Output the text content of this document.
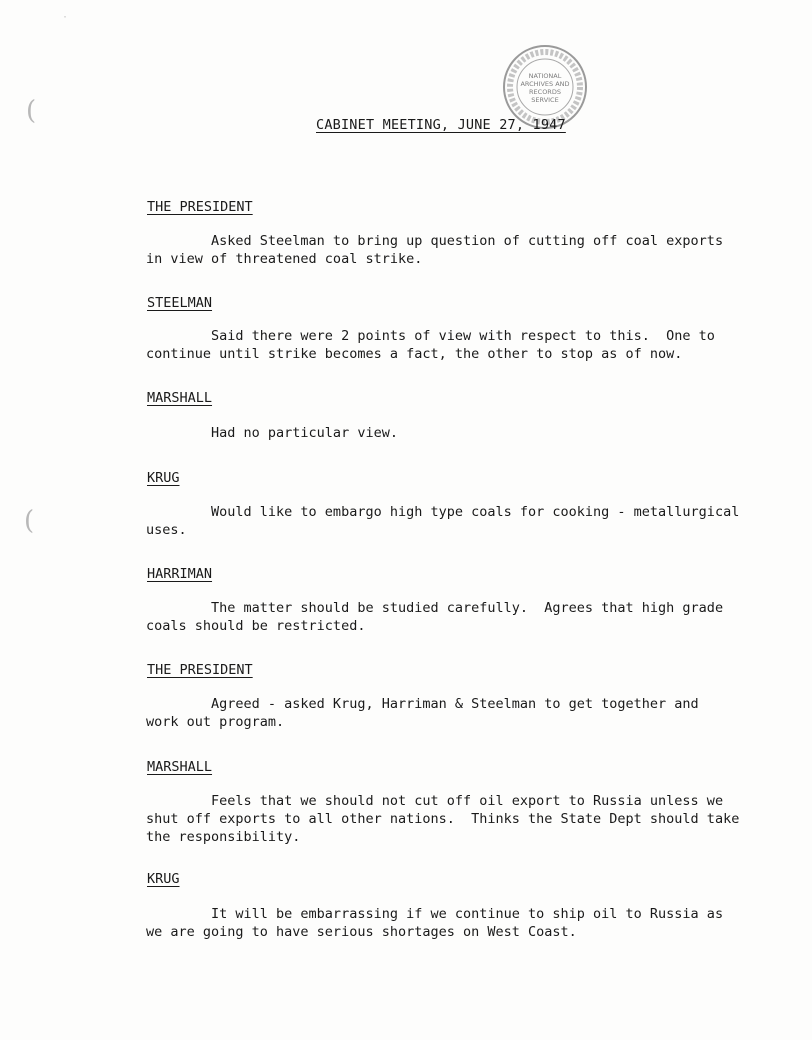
(
(
·
NATIONAL
ARCHIVES AND
RECORDS
SERVICE
CABINET MEETING, JUNE 27, 1947
THE PRESIDENT
Asked Steelman to bring up question of cutting off coal exports
in view of threatened coal strike.
STEELMAN
Said there were 2 points of view with respect to this.  One to
continue until strike becomes a fact, the other to stop as of now.
MARSHALL
Had no particular view.
KRUG
Would like to embargo high type coals for cooking - metallurgical
uses.
HARRIMAN
The matter should be studied carefully.  Agrees that high grade
coals should be restricted.
THE PRESIDENT
Agreed - asked Krug, Harriman & Steelman to get together and
work out program.
MARSHALL
Feels that we should not cut off oil export to Russia unless we
shut off exports to all other nations.  Thinks the State Dept should take
the responsibility.
KRUG
It will be embarrassing if we continue to ship oil to Russia as
we are going to have serious shortages on West Coast.
